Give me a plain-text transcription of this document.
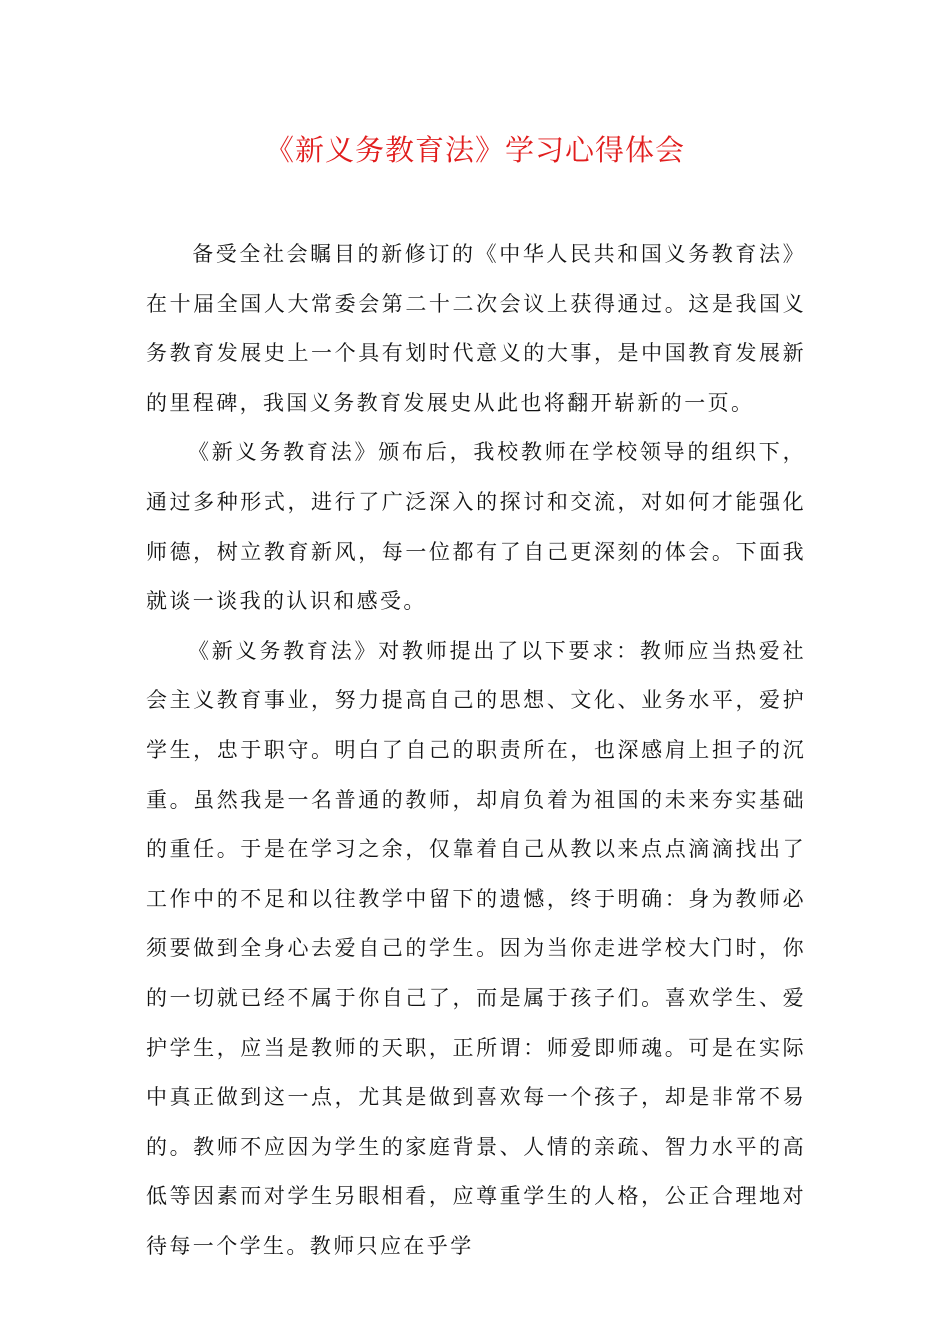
《新义务教育法》学习心得体会

备受全社会瞩目的新修订的《中华人民共和国义务教育法》在十届全国人大常委会第二十二次会议上获得通过。这是我国义务教育发展史上一个具有划时代意义的大事，是中国教育发展新的里程碑，我国义务教育发展史从此也将翻开崭新的一页。

《新义务教育法》颁布后，我校教师在学校领导的组织下，通过多种形式，进行了广泛深入的探讨和交流，对如何才能强化师德，树立教育新风，每一位都有了自己更深刻的体会。下面我就谈一谈我的认识和感受。

《新义务教育法》对教师提出了以下要求：教师应当热爱社会主义教育事业，努力提高自己的思想、文化、业务水平，爱护学生，忠于职守。明白了自己的职责所在，也深感肩上担子的沉重。虽然我是一名普通的教师，却肩负着为祖国的未来夯实基础的重任。于是在学习之余，仅靠着自己从教以来点点滴滴找出了工作中的不足和以往教学中留下的遗憾，终于明确：身为教师必须要做到全身心去爱自己的学生。因为当你走进学校大门时，你的一切就已经不属于你自己了，而是属于孩子们。喜欢学生、爱护学生，应当是教师的天职，正所谓：师爱即师魂。可是在实际中真正做到这一点，尤其是做到喜欢每一个孩子，却是非常不易的。教师不应因为学生的家庭背景、人情的亲疏、智力水平的高低等因素而对学生另眼相看，应尊重学生的人格，公正合理地对待每一个学生。教师只应在乎学
